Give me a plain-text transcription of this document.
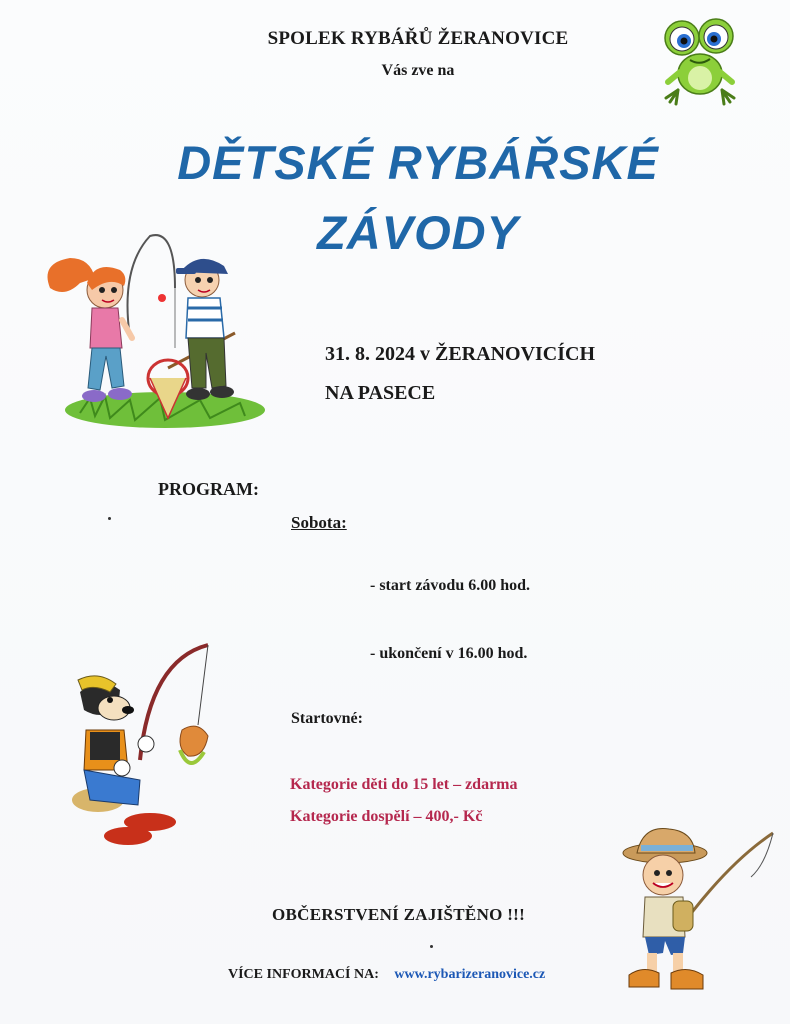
SPOLEK RYBÁŘŮ ŽERANOVICE
Vás zve na
DĚTSKÉ RYBÁŘSKÉ
ZÁVODY
31. 8. 2024 v ŽERANOVICÍCH
NA PASECE
PROGRAM:
Sobota:
- start závodu 6.00 hod.
- ukončení v 16.00 hod.
Startovné:
Kategorie děti do 15 let – zdarma
Kategorie dospělí – 400,- Kč
OBČERSTVENÍ ZAJIŠTĚNO !!!
VÍCE INFORMACÍ NA: www.rybarizeranovice.cz
